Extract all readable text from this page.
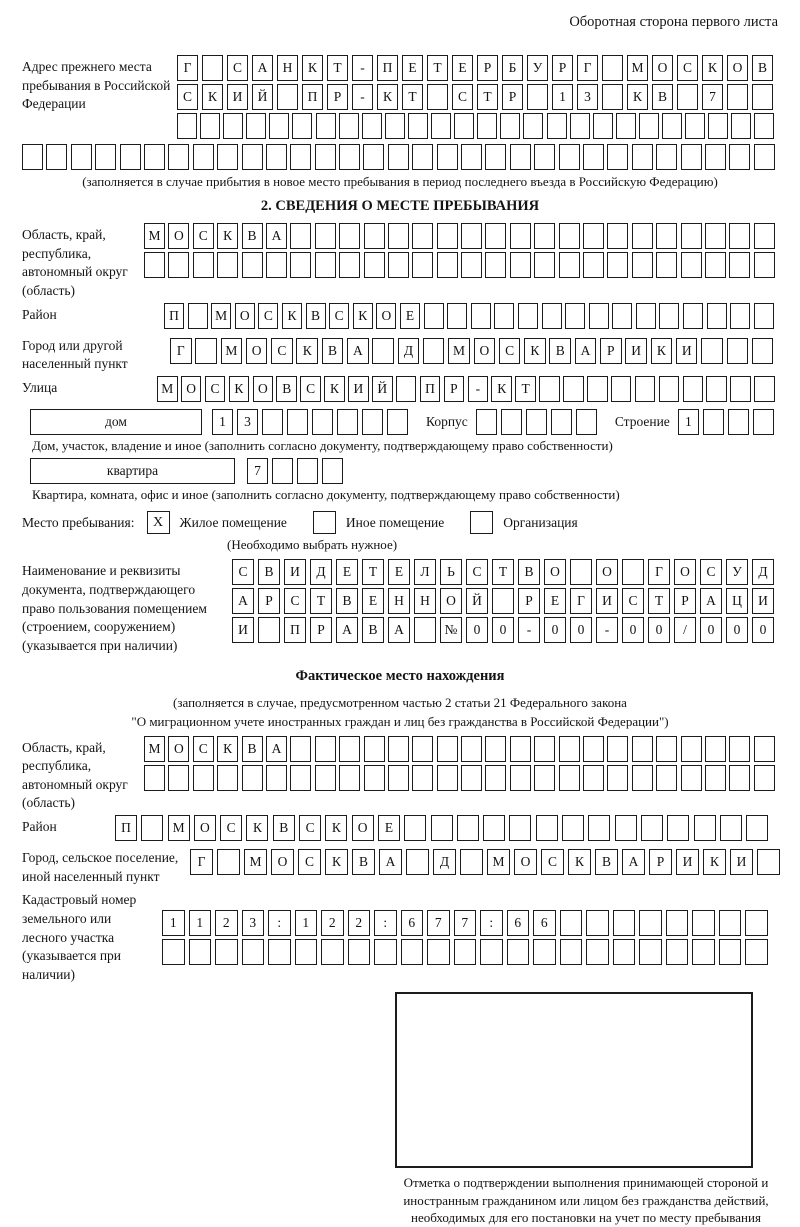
Оборотная сторона первого листа
Адрес прежнего места пребывания в Российской Федерации
Г	С	А	Н	К	Т	-	П	Е	Т	Е	Р	Б	У	Р	Г	М	О	С	К	О	В
С	К	И	Й	П	Р	-	К	Т	С	Т	Р	1	3	К	В	7
(заполняется в случае прибытия в новое место пребывания в период последнего въезда в Российскую Федерацию)
2. СВЕДЕНИЯ О МЕСТЕ ПРЕБЫВАНИЯ
Область, край, республика, автономный округ (область)
М	О	С	К	В	А
Район	П	М О	С	К	В	С	К	О	Е
Город или другой населенный пункт
Г	М	О	С	К	В	А	Д	М	О	С	К	В	А	Р	И	К	И
Улица	М О	С	К	О	В	С	К	И	Й	П	Р	-	К	Т
дом	1	3	Корпус	Строение	1
Дом, участок, владение и иное (заполнить согласно документу, подтверждающему право собственности)
квартира	7
Квартира, комната, офис и иное (заполнить согласно документу, подтверждающему право собственности)
Место пребывания:	X	Жилое помещение	Иное помещение	Организация
(Необходимо выбрать нужное)
Наименование и реквизиты документа, подтверждающего право пользования помещением (строением, сооружением) (указывается при наличии)
С	В	И	Д	Е	Т	Е	Л	Ь	С	Т	В	О	О	Г	О	С	У	Д
А	Р	С	Т	В	Е	Н	Н	О	Й	Р	Е	Г	И	С	Т	Р	А	Ц	И
И	П	Р	А	В	А	№	0	0	-	0	0	-	0	0	/	0	0	0
Фактическое место нахождения
(заполняется в случае, предусмотренном частью 2 статьи 21 Федерального закона
"О миграционном учете иностранных граждан и лиц без гражданства в Российской Федерации")
Область, край, республика, автономный округ (область)
М	О	С	К	В	А
Район	П	М	О	С	К	В	С	К	О	Е
Город, сельское поселение, иной населенный пункт
Г	М	О	С	К	В	А	Д	М	О	С	К	В	А	Р	И	К	И
Кадастровый номер земельного или лесного участка (указывается при наличии)
1	1	2	3	:	1	2	2	:	6	7	7	:	6	6
Отметка о подтверждении выполнения принимающей стороной и иностранным гражданином или лицом без гражданства действий, необходимых для его постановки на учет по месту пребывания
